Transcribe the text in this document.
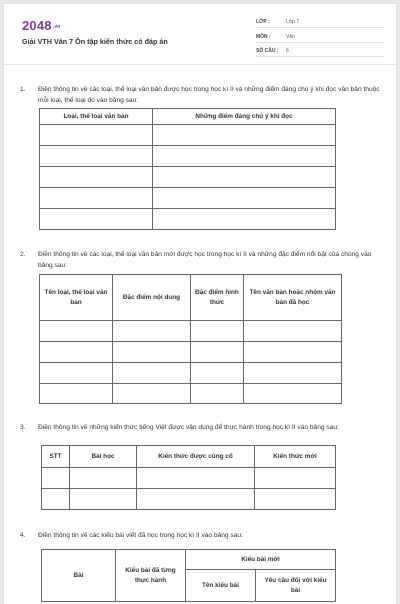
2048.vn
Giải VTH Văn 7 Ôn tập kiến thức có đáp án
LỚP :	Lớp 7
MÔN :	Văn
SỐ CÂU :	6
1. Điền thông tin về các loại, thể loại văn bản được học trong học kì II và những điểm đáng chú ý khi đọc văn bản thuộc mỗi loại, thể loại đó vào bảng sau:
Loại, thể loại văn bản	Những điểm đáng chú ý khi đọc

2. Điền thông tin về các loại, thể loại văn bản mới được học trong học kì II và những đặc điểm nổi bật của chúng vào bảng sau:
Tên loại, thể loại văn bản	Đặc điểm nội dung	Đặc điểm hình thức	Tên văn bản hoặc nhóm văn bản đã học

3. Điền thông tin về những kiến thức tiếng Việt được vận dụng để thực hành trong học kì II vào bảng sau:
STT	Bài học	Kiến thức được củng cố	Kiến thức mới

4. Điền thông tin về các kiểu bài viết đã học trong học kì II vào bảng sau:
Bài	Kiểu bài đã từng thực hành	Kiểu bài mới	
		Tên kiểu bài	Yêu cầu đối với kiểu bài
